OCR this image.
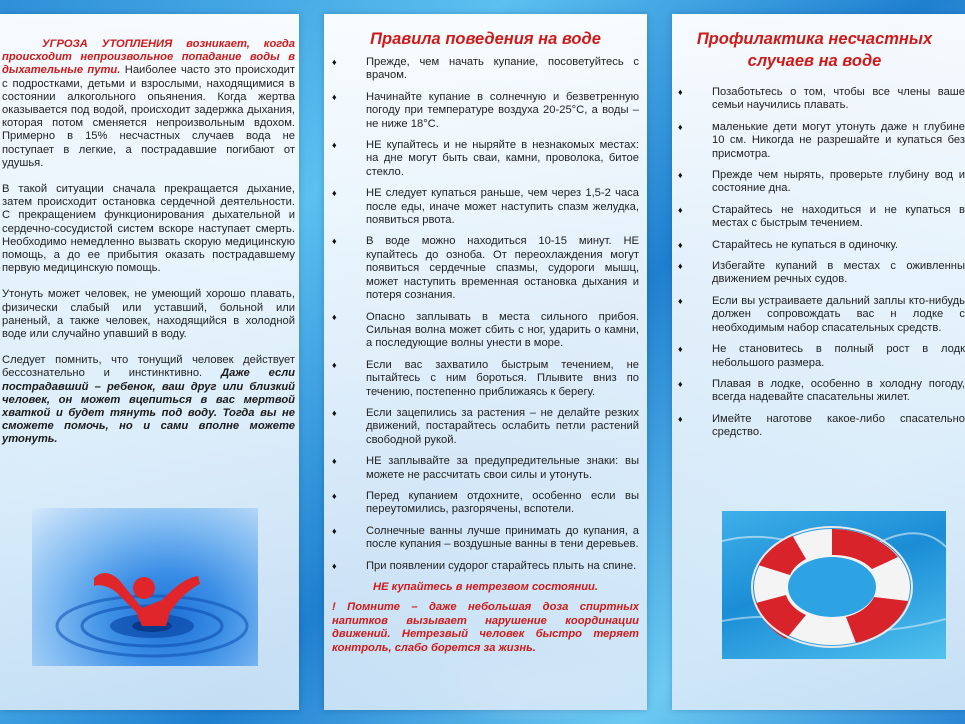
УГРОЗА УТОПЛЕНИЯ возникает, когда происходит непроизвольное попадание воды в дыхательные пути. Наиболее часто это происходит с подростками, детьми и взрослыми, находящимися в состоянии алкогольного опьянения. Когда жертва оказывается под водой, происходит задержка дыхания, которая потом сменяется непроизвольным вдохом. Примерно в 15% несчастных случаев вода не поступает в легкие, а пострадавшие погибают от удушья.

В такой ситуации сначала прекращается дыхание, затем происходит остановка сердечной деятельности. С прекращением функционирования дыхательной и сердечно-сосудистой систем вскоре наступает смерть. Необходимо немедленно вызвать скорую медицинскую помощь, а до ее прибытия оказать пострадавшему первую медицинскую помощь.

Утонуть может человек, не умеющий хорошо плавать, физически слабый или уставший, больной или раненый, а также человек, находящийся в холодной воде или случайно упавший в воду.

Следует помнить, что тонущий человек действует бессознательно и инстинктивно. Даже если пострадавший – ребенок, ваш друг или близкий человек, он может вцепиться в вас мертвой хваткой и будет тянуть под воду. Тогда вы не сможете помочь, но и сами вполне можете утонуть.

Правила поведения на воде
♦ Прежде, чем начать купание, посоветуйтесь с врачом.
♦ Начинайте купание в солнечную и безветренную погоду при температуре воздуха 20-25°С, а воды – не ниже 18°С.
♦ НЕ купайтесь и не ныряйте в незнакомых местах: на дне могут быть сваи, камни, проволока, битое стекло.
♦ НЕ следует купаться раньше, чем через 1,5-2 часа после еды, иначе может наступить спазм желудка, появиться рвота.
♦ В воде можно находиться 10-15 минут. НЕ купайтесь до озноба. От переохлаждения могут появиться сердечные спазмы, судороги мышц, может наступить временная остановка дыхания и потеря сознания.
♦ Опасно заплывать в места сильного прибоя. Сильная волна может сбить с ног, ударить о камни, а последующие волны унести в море.
♦ Если вас захватило быстрым течением, не пытайтесь с ним бороться. Плывите вниз по течению, постепенно приближаясь к берегу.
♦ Если зацепились за растения – не делайте резких движений, постарайтесь ослабить петли растений свободной рукой.
♦ НЕ заплывайте за предупредительные знаки: вы можете не рассчитать свои силы и утонуть.
♦ Перед купанием отдохните, особенно если вы переутомились, разгорячены, вспотели.
♦ Солнечные ванны лучше принимать до купания, а после купания – воздушные ванны в тени деревьев.
♦ При появлении судорог старайтесь плыть на спине.

НЕ купайтесь в нетрезвом состоянии.

! Помните – даже небольшая доза спиртных напитков вызывает нарушение координации движений. Нетрезвый человек быстро теряет контроль, слабо борется за жизнь.

Профилактика несчастных случаев на воде
♦ Позаботьтесь о том, чтобы все члены ваше семьи научились плавать.
♦ маленькие дети могут утонуть даже н глубине 10 см. Никогда не разрешайте и купаться без присмотра.
♦ Прежде чем нырять, проверьте глубину вод и состояние дна.
♦ Старайтесь не находиться и не купаться в местах с быстрым течением.
♦ Старайтесь не купаться в одиночку.
♦ Избегайте купаний в местах с оживленны движением речных судов.
♦ Если вы устраиваете дальний заплы кто-нибудь должен сопровождать вас н лодке с необходимым набор спасательных средств.
♦ Не становитесь в полный рост в лодк небольшого размера.
♦ Плавая в лодке, особенно в холодну погоду, всегда надевайте спасательны жилет.
♦ Имейте наготове какое-либо спасательно средство.
